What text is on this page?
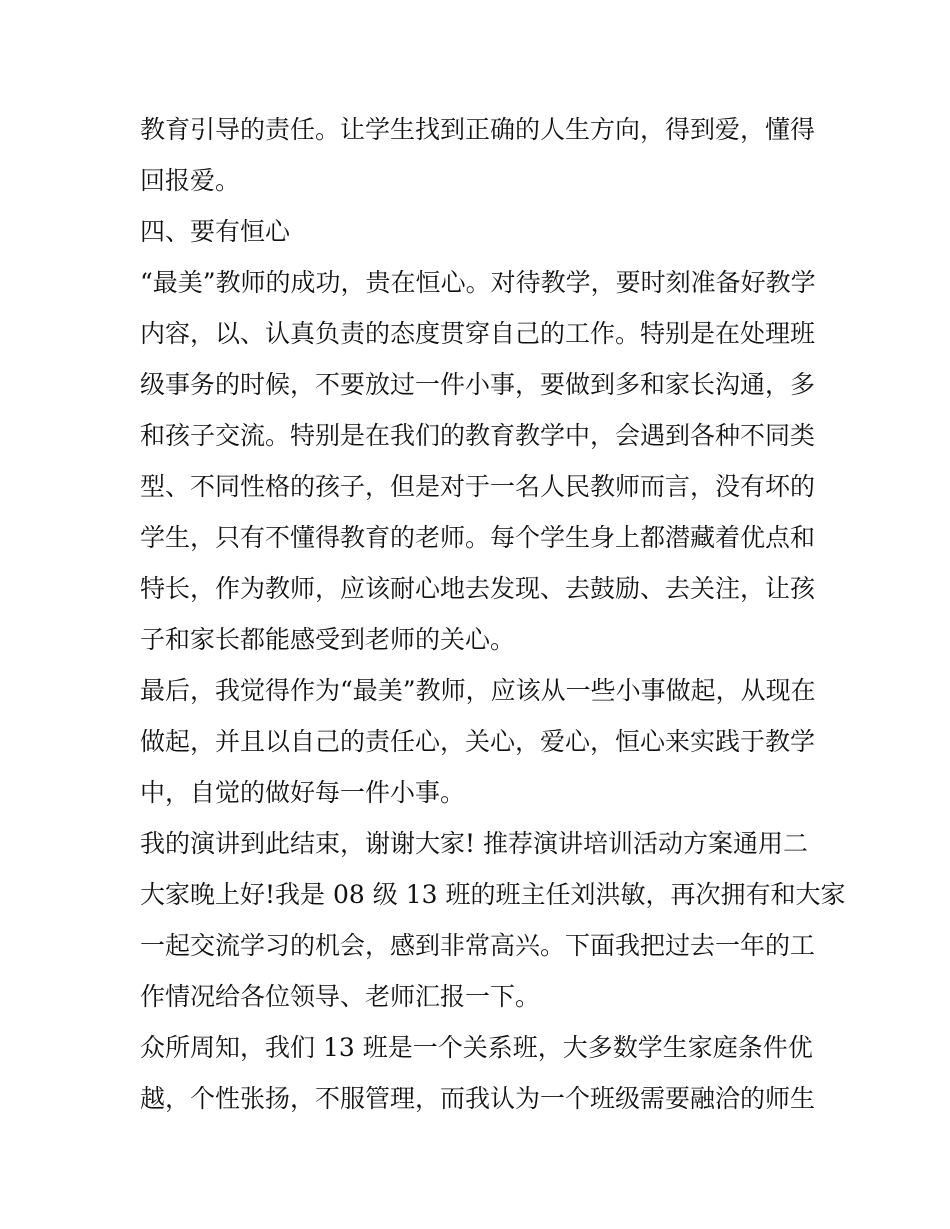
教育引导的责任。让学生找到正确的人生方向，得到爱，懂得

回报爱。

四、要有恒心

“最美”教师的成功，贵在恒心。对待教学，要时刻准备好教学

内容，以、认真负责的态度贯穿自己的工作。特别是在处理班

级事务的时候，不要放过一件小事，要做到多和家长沟通，多

和孩子交流。特别是在我们的教育教学中，会遇到各种不同类

型、不同性格的孩子，但是对于一名人民教师而言，没有坏的

学生，只有不懂得教育的老师。每个学生身上都潜藏着优点和

特长，作为教师，应该耐心地去发现、去鼓励、去关注，让孩

子和家长都能感受到老师的关心。

最后，我觉得作为“最美”教师，应该从一些小事做起，从现在

做起，并且以自己的责任心，关心，爱心，恒心来实践于教学

中，自觉的做好每一件小事。

我的演讲到此结束，谢谢大家! 推荐演讲培训活动方案通用二

大家晚上好!我是 08 级 13 班的班主任刘洪敏，再次拥有和大家

一起交流学习的机会，感到非常高兴。下面我把过去一年的工

作情况给各位领导、老师汇报一下。

众所周知，我们 13 班是一个关系班，大多数学生家庭条件优

越，个性张扬，不服管理，而我认为一个班级需要融洽的师生
